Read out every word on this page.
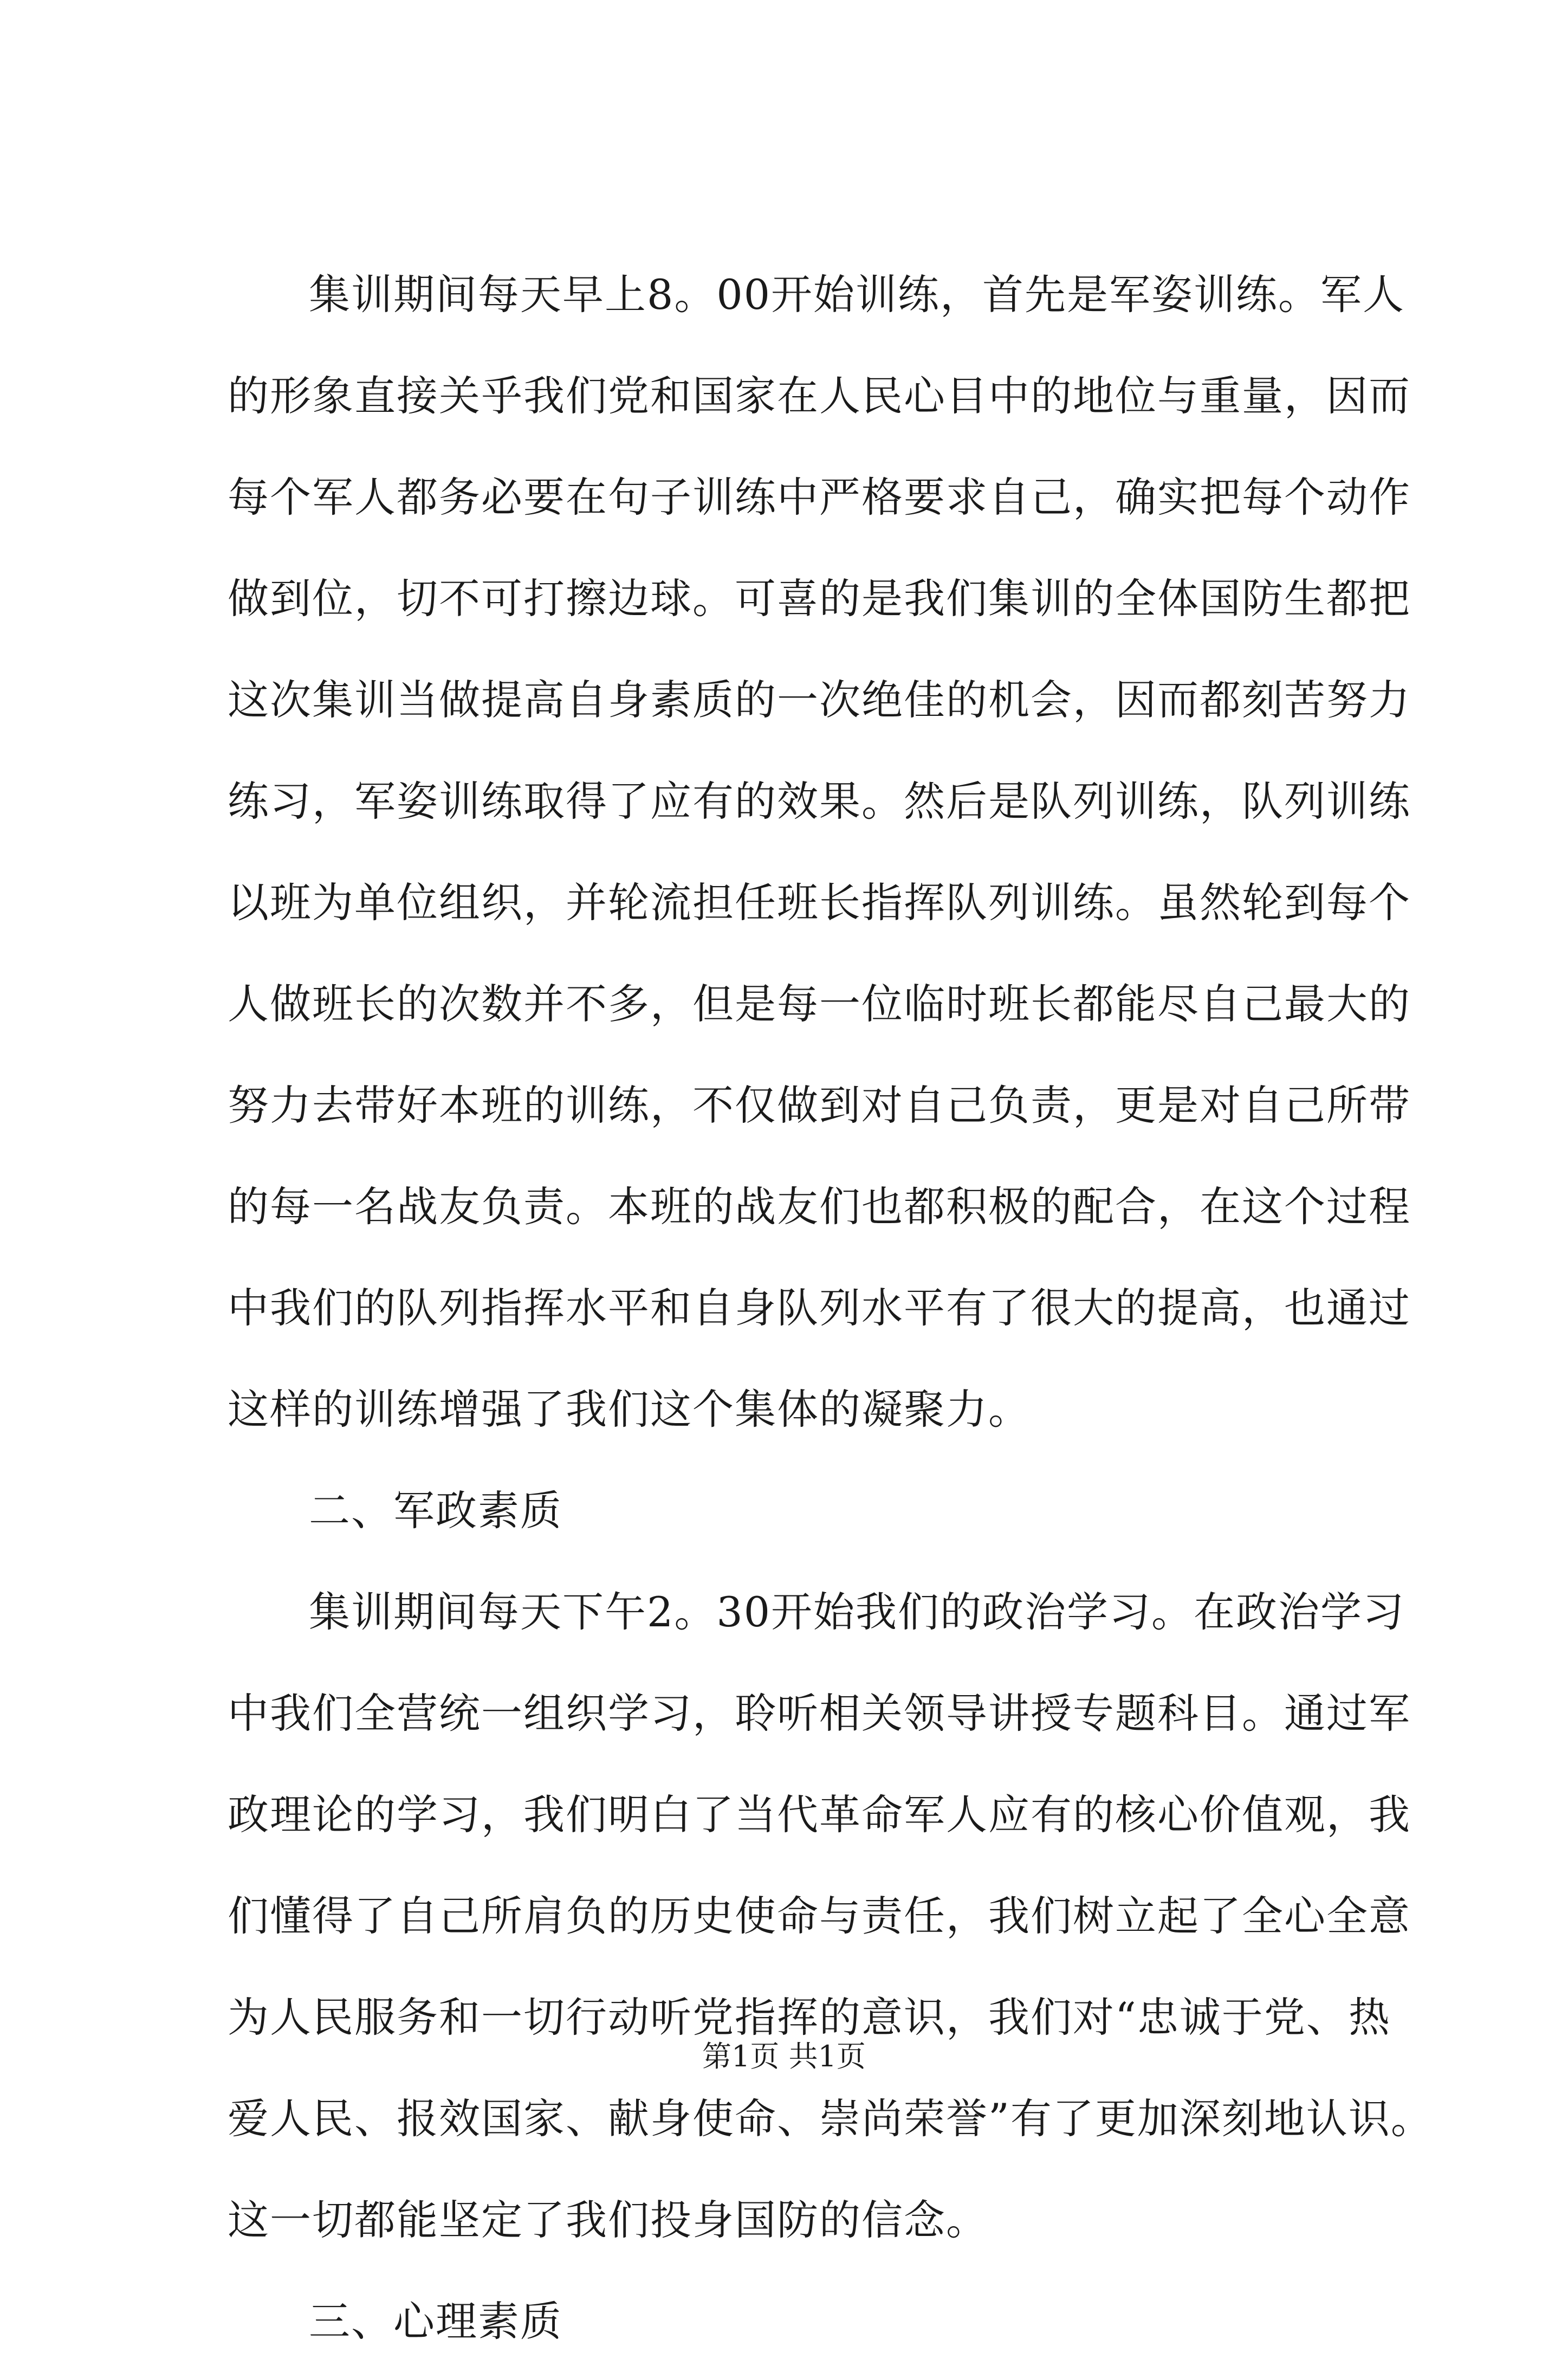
集训期间每天早上8。00开始训练，首先是军姿训练。军人
的形象直接关乎我们党和国家在人民心目中的地位与重量，因而
每个军人都务必要在句子训练中严格要求自己，确实把每个动作
做到位，切不可打擦边球。可喜的是我们集训的全体国防生都把
这次集训当做提高自身素质的一次绝佳的机会，因而都刻苦努力
练习，军姿训练取得了应有的效果。然后是队列训练，队列训练
以班为单位组织，并轮流担任班长指挥队列训练。虽然轮到每个
人做班长的次数并不多，但是每一位临时班长都能尽自己最大的
努力去带好本班的训练，不仅做到对自己负责，更是对自己所带
的每一名战友负责。本班的战友们也都积极的配合，在这个过程
中我们的队列指挥水平和自身队列水平有了很大的提高，也通过
这样的训练增强了我们这个集体的凝聚力。
二、军政素质
集训期间每天下午2。30开始我们的政治学习。在政治学习
中我们全营统一组织学习，聆听相关领导讲授专题科目。通过军
政理论的学习，我们明白了当代革命军人应有的核心价值观，我
们懂得了自己所肩负的历史使命与责任，我们树立起了全心全意
为人民服务和一切行动听党指挥的意识，我们对“忠诚于党、热
爱人民、报效国家、献身使命、崇尚荣誉”有了更加深刻地认识。
这一切都能坚定了我们投身国防的信念。
三、心理素质
第1页 共1页
